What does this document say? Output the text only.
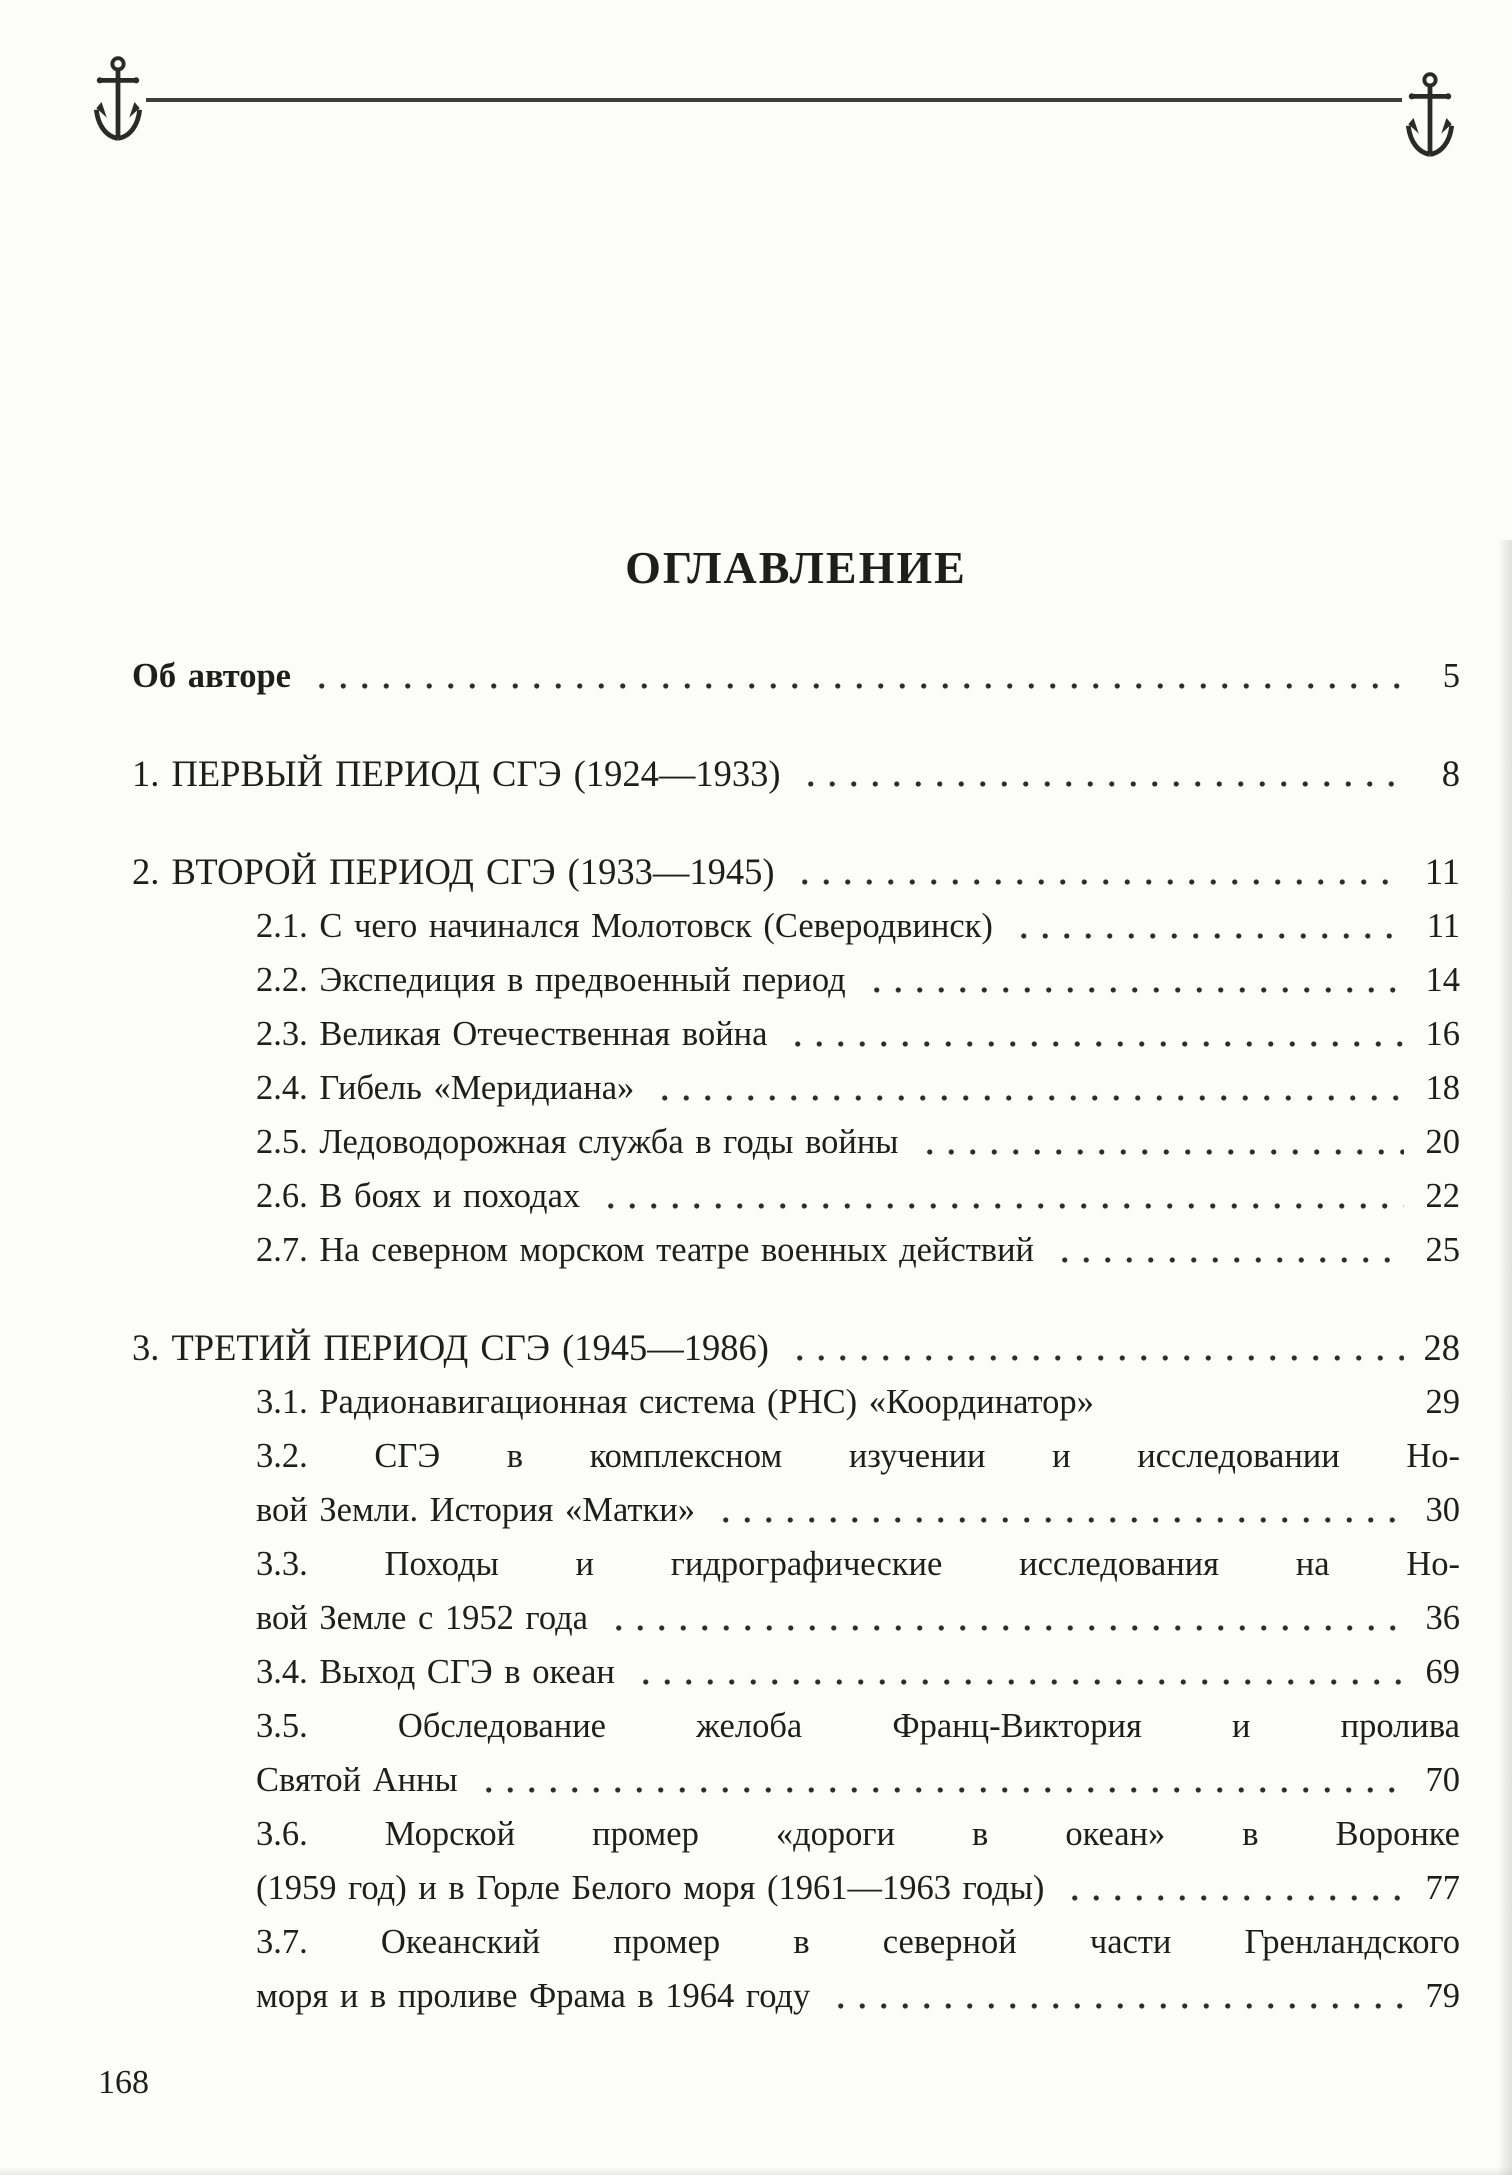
ОГЛАВЛЕНИЕ
Об авторе	5
1. ПЕРВЫЙ ПЕРИОД СГЭ (1924—1933)	8
2. ВТОРОЙ ПЕРИОД СГЭ (1933—1945)	11
2.1. С чего начинался Молотовск (Северодвинск)	11
2.2. Экспедиция в предвоенный период	14
2.3. Великая Отечественная война	16
2.4. Гибель «Меридиана»	18
2.5. Ледоводорожная служба в годы войны	20
2.6. В боях и походах	22
2.7. На северном морском театре военных действий	25
3. ТРЕТИЙ ПЕРИОД СГЭ (1945—1986)	28
3.1. Радионавигационная система (РНС) «Координатор»	29
3.2. СГЭ в комплексном изучении и исследовании Но-
вой Земли. История «Матки»	30
3.3. Походы и гидрографические исследования на Но-
вой Земле с 1952 года	36
3.4. Выход СГЭ в океан	69
3.5. Обследование желоба Франц-Виктория и пролива
Святой Анны	70
3.6. Морской промер «дороги в океан» в Воронке
(1959 год) и в Горле Белого моря (1961—1963 годы)	77
3.7. Океанский промер в северной части Гренландского
моря и в проливе Фрама в 1964 году	79
168
